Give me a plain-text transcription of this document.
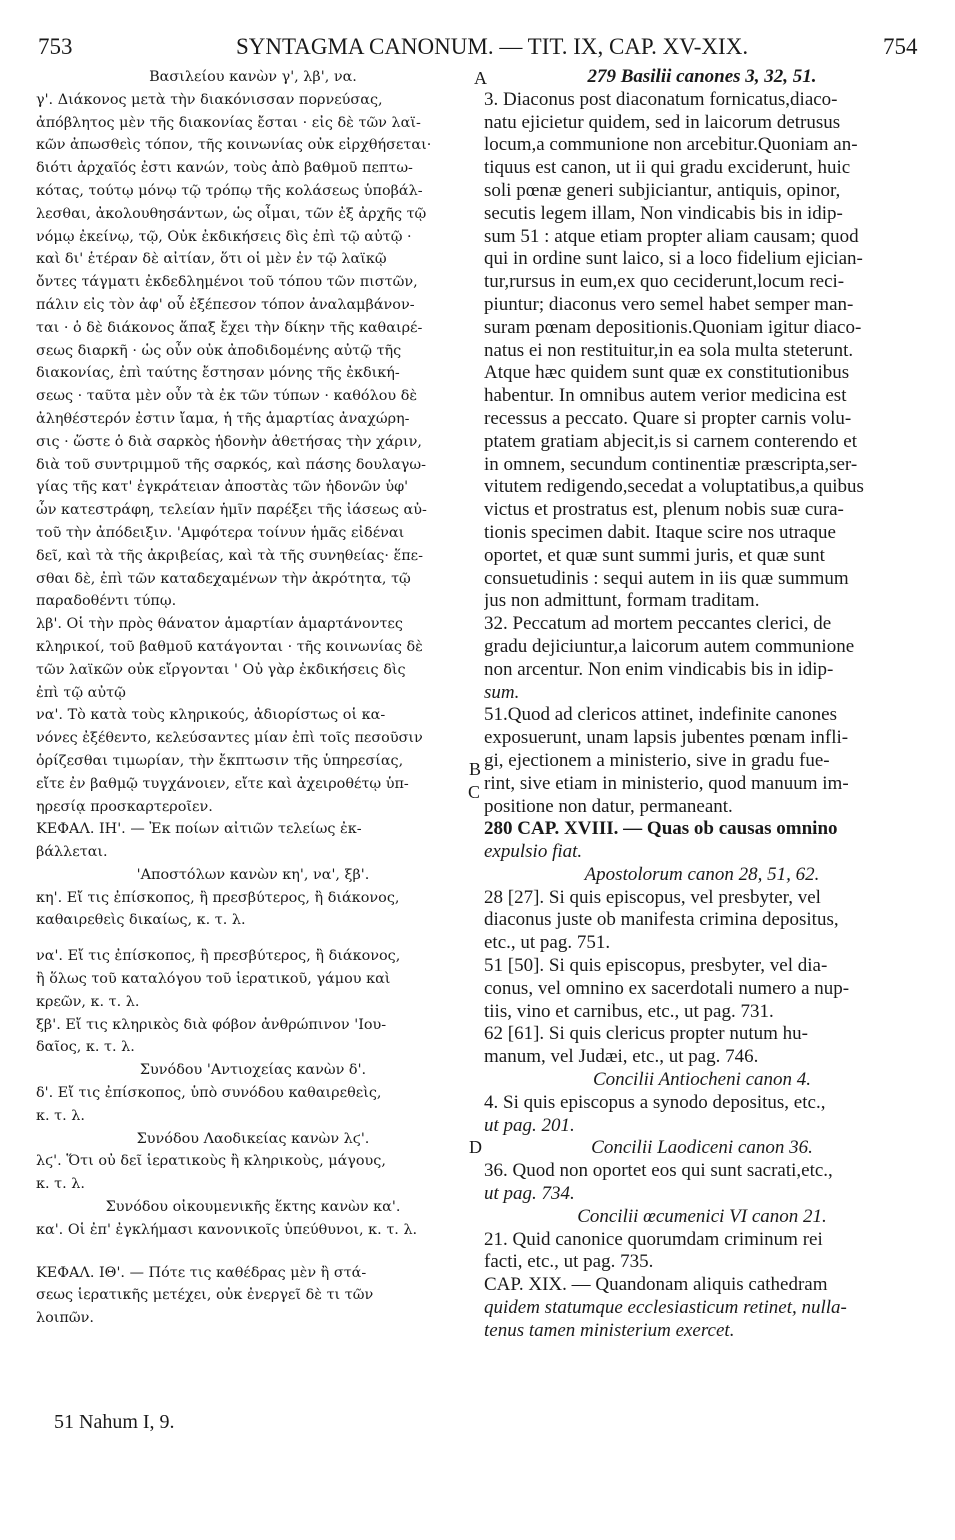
753	SYNTAGMA CANONUM. — TIT. IX, CAP. XV-XIX.	754
A
B
C
D
Βασιλείου κανὼν γ', λβ', να.
γ'. Διάκονος μετὰ τὴν διακόνισσαν πορνεύσας,
ἀπόβλητος μὲν τῆς διακονίας ἔσται · εἰς δὲ τῶν λαϊ-
κῶν ἀπωσθεὶς τόπον, τῆς κοινωνίας οὐκ εἰρχθήσεται·
διότι ἀρχαῖός ἐστι κανών, τοὺς ἀπὸ βαθμοῦ πεπτω-
κότας, τούτῳ μόνῳ τῷ τρόπῳ τῆς κολάσεως ὑποβάλ-
λεσθαι, ἀκολουθησάντων, ὡς οἶμαι, τῶν ἐξ ἀρχῆς τῷ
νόμῳ ἐκείνῳ, τῷ, Οὐκ ἐκδικήσεις δὶς ἐπὶ τῷ αὐτῷ ·
καὶ δι' ἑτέραν δὲ αἰτίαν, ὅτι οἱ μὲν ἐν τῷ λαϊκῷ
ὄντες τάγματι ἐκδεδλημένοι τοῦ τόπου τῶν πιστῶν,
πάλιν εἰς τὸν ἀφ' οὗ ἐξέπεσον τόπον ἀναλαμβάνον-
ται · ὁ δὲ διάκονος ἅπαξ ἔχει τὴν δίκην τῆς καθαιρέ-
σεως διαρκῆ · ὡς οὖν οὐκ ἀποδιδομένης αὐτῷ τῆς
διακονίας, ἐπὶ ταύτης ἔστησαν μόνης τῆς ἐκδική-
σεως · ταῦτα μὲν οὖν τὰ ἐκ τῶν τύπων · καθόλου δὲ
ἀληθέστερόν ἐστιν ἴαμα, ἡ τῆς ἁμαρτίας ἀναχώρη-
σις · ὥστε ὁ διὰ σαρκὸς ἡδονὴν ἀθετήσας τὴν χάριν,
διὰ τοῦ συντριμμοῦ τῆς σαρκός, καὶ πάσης δουλαγω-
γίας τῆς κατ' ἐγκράτειαν ἀποστὰς τῶν ἡδονῶν ὑφ'
ὧν κατεστράφη, τελείαν ἡμῖν παρέξει τῆς ἰάσεως αὐ-
τοῦ τὴν ἀπόδειξιν. 'Αμφότερα τοίνυν ἡμᾶς εἰδέναι
δεῖ, καὶ τὰ τῆς ἀκριβείας, καὶ τὰ τῆς συνηθείας· ἕπε-
σθαι δὲ, ἐπὶ τῶν καταδεχαμένων τὴν ἀκρότητα, τῷ
παραδοθέντι τύπῳ.
λβ'. Οἱ τὴν πρὸς θάνατον ἁμαρτίαν ἁμαρτάνοντες
κληρικοί, τοῦ βαθμοῦ κατάγονται · τῆς κοινωνίας δὲ
τῶν λαϊκῶν οὐκ εἴργονται ' Οὐ γὰρ ἐκδικήσεις δὶς
ἐπὶ τῷ αὐτῷ
να'. Τὸ κατὰ τοὺς κληρικούς, ἀδιορίστως οἱ κα-
νόνες ἐξέθεντο, κελεύσαντες μίαν ἐπὶ τοῖς πεσοῦσιν
ὁρίζεσθαι τιμωρίαν, τὴν ἔκπτωσιν τῆς ὑπηρεσίας,
εἴτε ἐν βαθμῷ τυγχάνοιεν, εἴτε καὶ ἀχειροθέτῳ ὑπ-
ηρεσίᾳ προσκαρτεροῖεν.
ΚΕΦΑΛ. ΙΗ'. — Ἐκ ποίων αἰτιῶν τελείως ἐκ-
βάλλεται.
'Αποστόλων κανὼν κη', να', ξβ'.
κη'. Εἴ τις ἐπίσκοπος, ἢ πρεσβύτερος, ἢ διάκονος,
καθαιρεθεὶς δικαίως, κ. τ. λ.
να'. Εἴ τις ἐπίσκοπος, ἢ πρεσβύτερος, ἢ διάκονος,
ἢ ὅλως τοῦ καταλόγου τοῦ ἱερατικοῦ, γάμου καὶ
κρεῶν, κ. τ. λ.
ξβ'. Εἴ τις κληρικὸς διὰ φόβον ἀνθρώπινον 'Ιου-
δαῖος, κ. τ. λ.
Συνόδου 'Αντιοχείας κανὼν δ'.
δ'. Εἴ τις ἐπίσκοπος, ὑπὸ συνόδου καθαιρεθεὶς,
κ. τ. λ.
Συνόδου Λαοδικείας κανὼν λϛ'.
λϛ'. Ὅτι οὐ δεῖ ἱερατικοὺς ἢ κληρικοὺς, μάγους,
κ. τ. λ.
Συνόδου οἰκουμενικῆς ἕκτης κανὼν κα'.
κα'. Οἱ ἐπ' ἐγκλήμασι κανονικοῖς ὑπεύθυνοι, κ. τ. λ.
ΚΕΦΑΛ. ΙΘ'. — Πότε τις καθέδρας μὲν ἢ στά-
σεως ἱερατικῆς μετέχει, οὐκ ἐνεργεῖ δὲ τι τῶν
λοιπῶν.
279 Basilii canones 3, 32, 51.
3. Diaconus post diaconatum fornicatus,diaco-
natu ejicietur quidem, sed in laicorum detrusus
locum,a communione non arcebitur.Quoniam an-
tiquus est canon, ut ii qui gradu exciderunt, huic
soli pœnæ generi subjiciantur, antiquis, opinor,
secutis legem illam, Non vindicabis bis in idip-
sum 51 : atque etiam propter aliam causam; quod
qui in ordine sunt laico, si a loco fidelium ejician-
tur,rursus in eum,ex quo ceciderunt,locum reci-
piuntur; diaconus vero semel habet semper man-
suram pœnam depositionis.Quoniam igitur diaco-
natus ei non restituitur,in ea sola multa steterunt.
Atque hæc quidem sunt quæ ex constitutionibus
habentur. In omnibus autem verior medicina est
recessus a peccato. Quare si propter carnis volu-
ptatem gratiam abjecit,is si carnem conterendo et
in omnem, secundum continentiæ præscripta,ser-
vitutem redigendo,secedat a voluptatibus,a quibus
victus et prostratus est, plenum nobis suæ cura-
tionis specimen dabit. Itaque scire nos utraque
oportet, et quæ sunt summi juris, et quæ sunt
consuetudinis : sequi autem in iis quæ summum
jus non admittunt, formam traditam.
32. Peccatum ad mortem peccantes clerici, de
gradu dejiciuntur,a laicorum autem communione
non arcentur. Non enim vindicabis bis in idip-
sum.
51.Quod ad clericos attinet, indefinite canones
exposuerunt, unam lapsis jubentes pœnam infli-
gi, ejectionem a ministerio, sive in gradu fue-
rint, sive etiam in ministerio, quod manuum im-
positione non datur, permaneant.
280 CAP. XVIII. — Quas ob causas omnino
expulsio fiat.
Apostolorum canon 28, 51, 62.
28 [27]. Si quis episcopus, vel presbyter, vel
diaconus juste ob manifesta crimina depositus,
etc., ut pag. 751.
51 [50]. Si quis episcopus, presbyter, vel dia-
conus, vel omnino ex sacerdotali numero a nup-
tiis, vino et carnibus, etc., ut pag. 731.
62 [61]. Si quis clericus propter nutum hu-
manum, vel Judæi, etc., ut pag. 746.
Concilii Antiocheni canon 4.
4. Si quis episcopus a synodo depositus, etc.,
ut pag. 201.
Concilii Laodiceni canon 36.
36. Quod non oportet eos qui sunt sacrati,etc.,
ut pag. 734.
Concilii œcumenici VI canon 21.
21. Quid canonice quorumdam criminum rei
facti, etc., ut pag. 735.
CAP. XIX. — Quandonam aliquis cathedram
quidem statumque ecclesiasticum retinet, nulla-
tenus tamen ministerium exercet.
51 Nahum I, 9.
